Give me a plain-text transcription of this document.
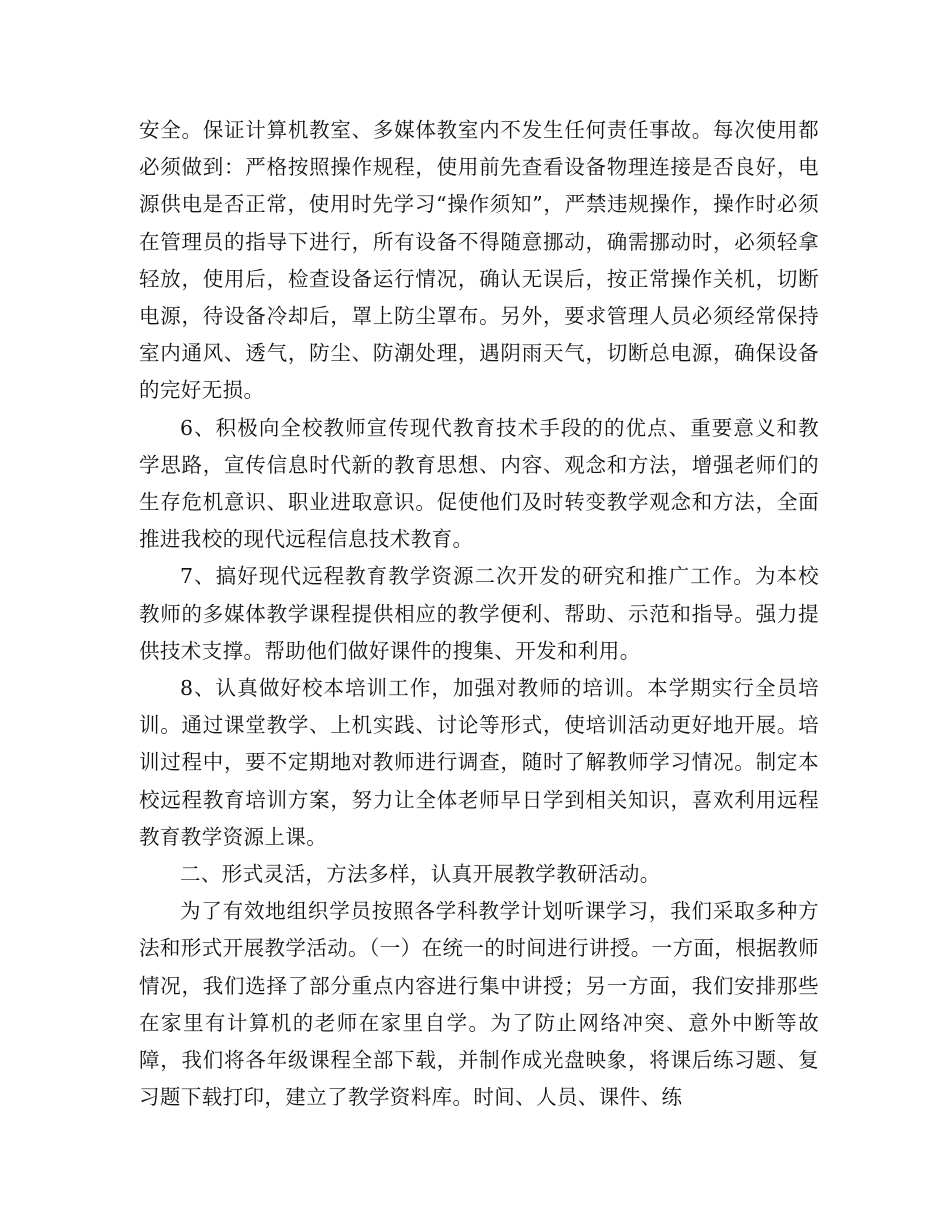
安全。保证计算机教室、多媒体教室内不发生任何责任事故。每次使用都必须做到：严格按照操作规程，使用前先查看设备物理连接是否良好，电源供电是否正常，使用时先学习“操作须知”，严禁违规操作，操作时必须在管理员的指导下进行，所有设备不得随意挪动，确需挪动时，必须轻拿轻放，使用后，检查设备运行情况，确认无误后，按正常操作关机，切断电源，待设备冷却后，罩上防尘罩布。另外，要求管理人员必须经常保持室内通风、透气，防尘、防潮处理，遇阴雨天气，切断总电源，确保设备的完好无损。

6、积极向全校教师宣传现代教育技术手段的的优点、重要意义和教学思路，宣传信息时代新的教育思想、内容、观念和方法，增强老师们的生存危机意识、职业进取意识。促使他们及时转变教学观念和方法，全面推进我校的现代远程信息技术教育。

7、搞好现代远程教育教学资源二次开发的研究和推广工作。为本校教师的多媒体教学课程提供相应的教学便利、帮助、示范和指导。强力提供技术支撑。帮助他们做好课件的搜集、开发和利用。

8、认真做好校本培训工作，加强对教师的培训。本学期实行全员培训。通过课堂教学、上机实践、讨论等形式，使培训活动更好地开展。培训过程中，要不定期地对教师进行调查，随时了解教师学习情况。制定本校远程教育培训方案，努力让全体老师早日学到相关知识，喜欢利用远程教育教学资源上课。

二、形式灵活，方法多样，认真开展教学教研活动。

为了有效地组织学员按照各学科教学计划听课学习，我们采取多种方法和形式开展教学活动。（一）在统一的时间进行讲授。一方面，根据教师情况，我们选择了部分重点内容进行集中讲授；另一方面，我们安排那些在家里有计算机的老师在家里自学。为了防止网络冲突、意外中断等故障，我们将各年级课程全部下载，并制作成光盘映象，将课后练习题、复习题下载打印，建立了教学资料库。时间、人员、课件、练
